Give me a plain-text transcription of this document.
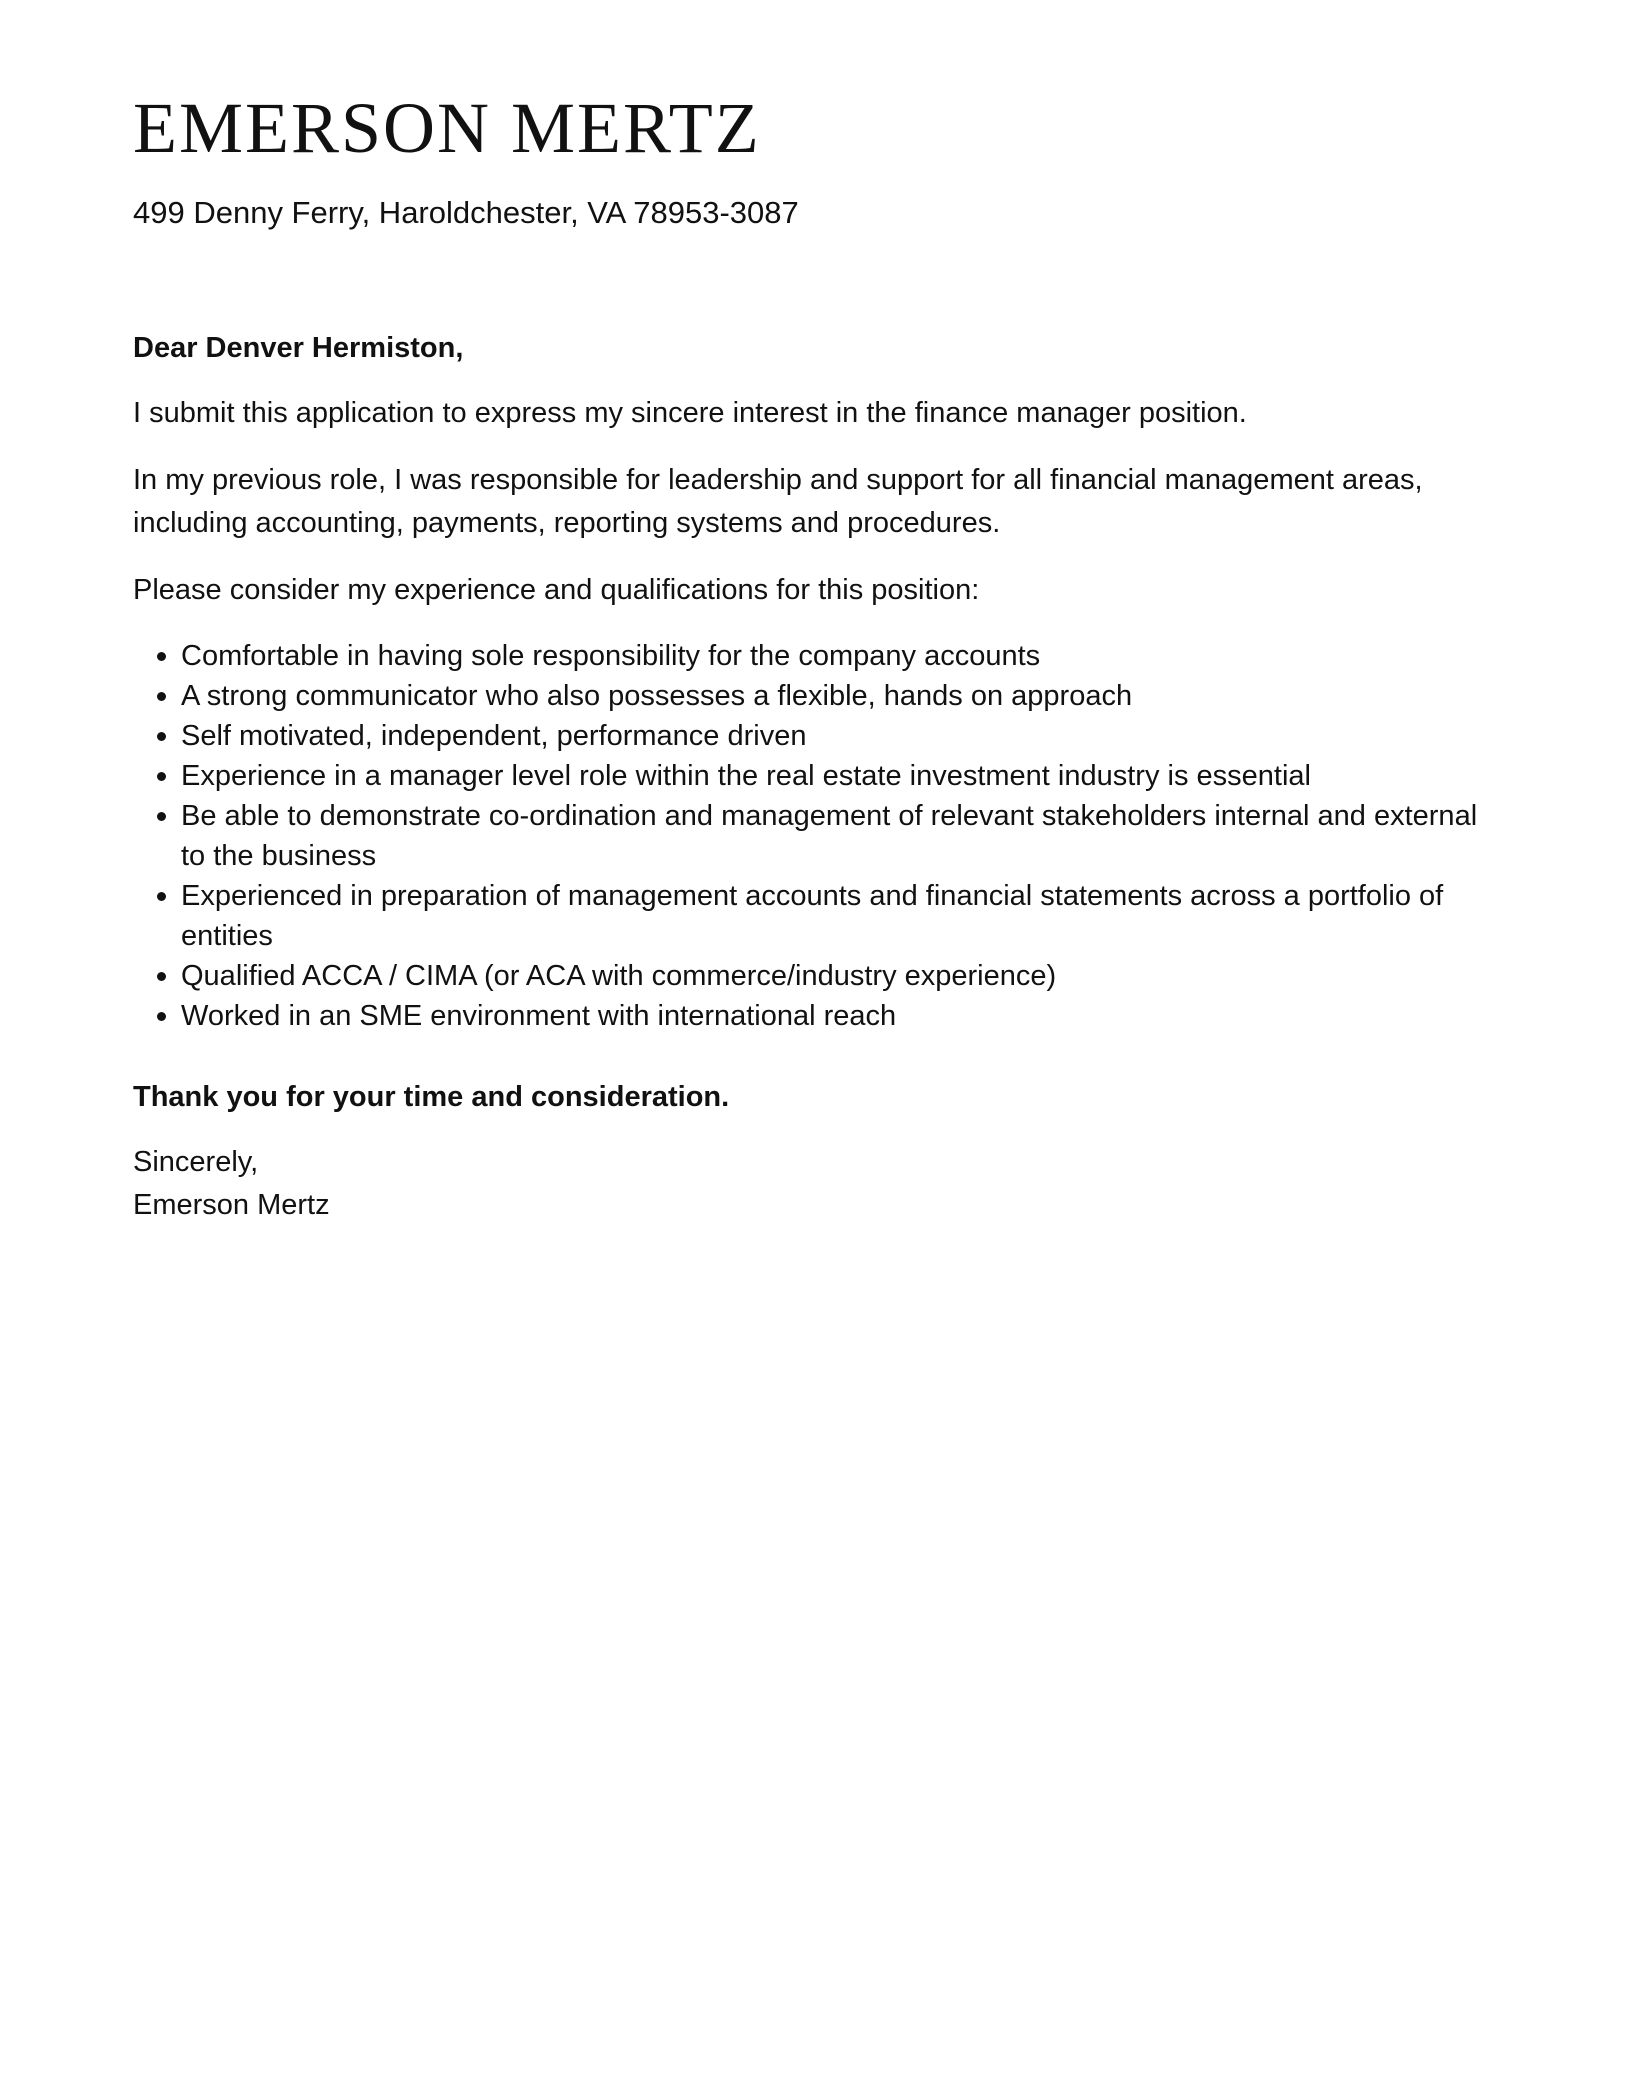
EMERSON MERTZ
499 Denny Ferry, Haroldchester, VA 78953-3087
Dear Denver Hermiston,
I submit this application to express my sincere interest in the finance manager position.
In my previous role, I was responsible for leadership and support for all financial management areas, including accounting, payments, reporting systems and procedures.
Please consider my experience and qualifications for this position:
Comfortable in having sole responsibility for the company accounts
A strong communicator who also possesses a flexible, hands on approach
Self motivated, independent, performance driven
Experience in a manager level role within the real estate investment industry is essential
Be able to demonstrate co-ordination and management of relevant stakeholders internal and external to the business
Experienced in preparation of management accounts and financial statements across a portfolio of entities
Qualified ACCA / CIMA (or ACA with commerce/industry experience)
Worked in an SME environment with international reach
Thank you for your time and consideration.
Sincerely,
Emerson Mertz
